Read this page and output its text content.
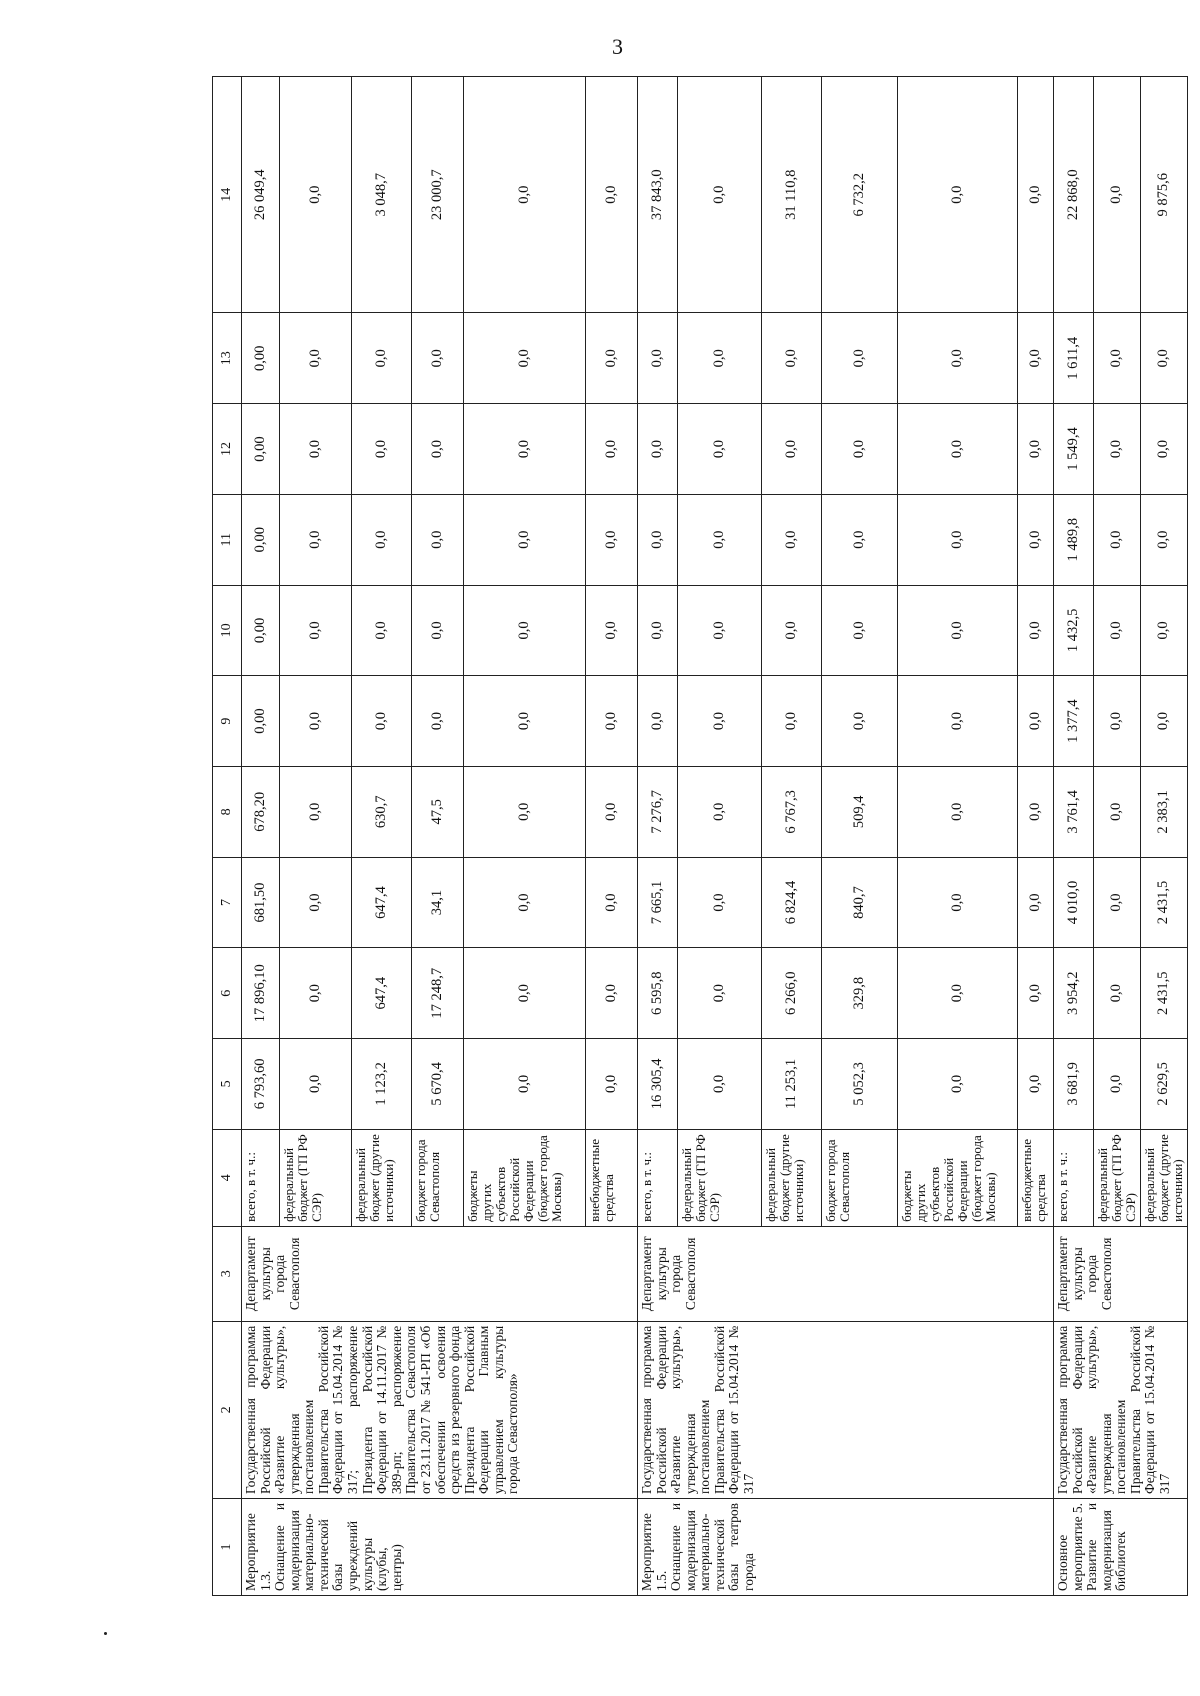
3
1	2	3	4	5	6	7	8	9	10	11	12	13	14
Мероприятие 1.3. Оснащение и модернизация материально-технической базы учреждений культуры (клубы, центры)	Государственная программа Российской Федерации «Развитие культуры», утвержденная постановлением Правительства Российской Федерации от 15.04.2014 № 317; распоряжение Президента Российской Федерации от 14.11.2017 № 389-рп; распоряжение Правительства Севастополя от 23.11.2017 № 541-РП «Об обеспечении освоения средств из резервного фонда Президента Российской Федерации Главным управлением культуры города Севастополя»	Департамент культуры города Севастополя	всего, в т. ч.:	6 793,60	17 896,10	681,50	678,20	0,00	0,00	0,00	0,00	0,00	26 049,4
			федеральный бюджет (ГП РФ СЭР)	0,0	0,0	0,0	0,0	0,0	0,0	0,0	0,0	0,0	0,0
			федеральный бюджет (другие источники)	1 123,2	647,4	647,4	630,7	0,0	0,0	0,0	0,0	0,0	3 048,7
			бюджет города Севастополя	5 670,4	17 248,7	34,1	47,5	0,0	0,0	0,0	0,0	0,0	23 000,7
			бюджеты других субъектов Российской Федерации (бюджет города Москвы)	0,0	0,0	0,0	0,0	0,0	0,0	0,0	0,0	0,0	0,0
			внебюджетные средства	0,0	0,0	0,0	0,0	0,0	0,0	0,0	0,0	0,0	0,0
Мероприятие 1.5. Оснащение и модернизация материально-технической базы театров города	Государственная программа Российской Федерации «Развитие культуры», утвержденная постановлением Правительства Российской Федерации от 15.04.2014 № 317	Департамент культуры города Севастополя	всего, в т. ч.:	16 305,4	6 595,8	7 665,1	7 276,7	0,0	0,0	0,0	0,0	0,0	37 843,0
			федеральный бюджет (ГП РФ СЭР)	0,0	0,0	0,0	0,0	0,0	0,0	0,0	0,0	0,0	0,0
			федеральный бюджет (другие источники)	11 253,1	6 266,0	6 824,4	6 767,3	0,0	0,0	0,0	0,0	0,0	31 110,8
			бюджет города Севастополя	5 052,3	329,8	840,7	509,4	0,0	0,0	0,0	0,0	0,0	6 732,2
			бюджеты других субъектов Российской Федерации (бюджет города Москвы)	0,0	0,0	0,0	0,0	0,0	0,0	0,0	0,0	0,0	0,0
			внебюджетные средства	0,0	0,0	0,0	0,0	0,0	0,0	0,0	0,0	0,0	0,0
Основное мероприятие 5. Развитие и модернизация библиотек	Государственная программа Российской Федерации «Развитие культуры», утвержденная постановлением Правительства Российской Федерации от 15.04.2014 № 317	Департамент культуры города Севастополя	всего, в т. ч.:	3 681,9	3 954,2	4 010,0	3 761,4	1 377,4	1 432,5	1 489,8	1 549,4	1 611,4	22 868,0
			федеральный бюджет (ГП РФ СЭР)	0,0	0,0	0,0	0,0	0,0	0,0	0,0	0,0	0,0	0,0
			федеральный бюджет (другие источники)	2 629,5	2 431,5	2 431,5	2 383,1	0,0	0,0	0,0	0,0	0,0	9 875,6
